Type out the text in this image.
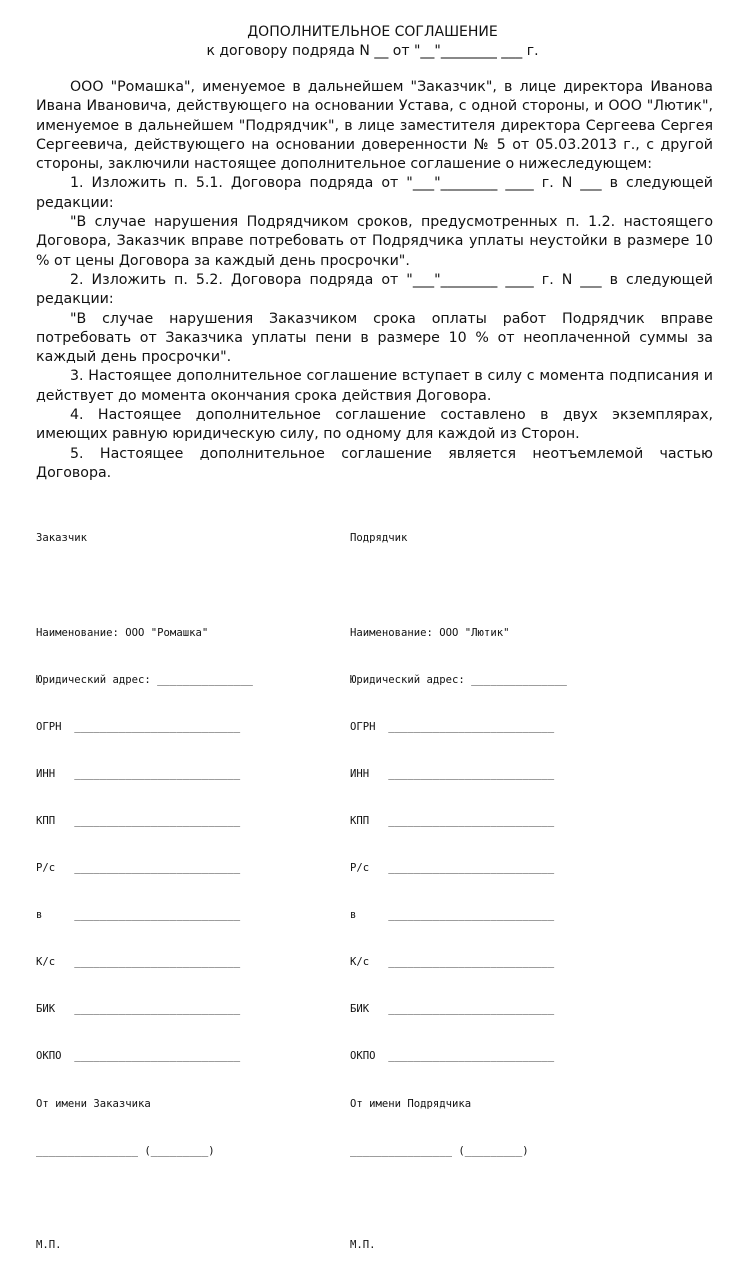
ДОПОЛНИТЕЛЬНОЕ СОГЛАШЕНИЕ
к договору подряда N __ от "__"________ ___ г.

ООО "Ромашка", именуемое в дальнейшем "Заказчик", в лице директора Иванова Ивана Ивановича, действующего на основании Устава, с одной стороны, и ООО "Лютик", именуемое в дальнейшем "Подрядчик", в лице заместителя директора Сергеева Сергея Сергеевича, действующего на основании доверенности № 5 от 05.03.2013 г., с другой стороны, заключили настоящее дополнительное соглашение о нижеследующем:

1. Изложить п. 5.1. Договора подряда от "___"________ ____ г. N ___ в следующей редакции:

"В случае нарушения Подрядчиком сроков, предусмотренных п. 1.2. настоящего Договора, Заказчик вправе потребовать от Подрядчика уплаты неустойки в размере 10 % от цены Договора за каждый день просрочки".

2. Изложить п. 5.2. Договора подряда от "___"________ ____ г. N ___ в следующей редакции:

"В случае нарушения Заказчиком срока оплаты работ Подрядчик вправе потребовать от Заказчика уплаты пени в размере 10 % от неоплаченной суммы за каждый день просрочки".

3. Настоящее дополнительное соглашение вступает в силу с момента подписания и действует до момента окончания срока действия Договора.

4. Настоящее дополнительное соглашение составлено в двух экземплярах, имеющих равную юридическую силу, по одному для каждой из Сторон.

5. Настоящее дополнительное соглашение является неотъемлемой частью Договора.

Заказчик

Наименование: ООО "Ромашка"

Юридический адрес: _______________

ОГРН  __________________________

ИНН   __________________________

КПП   __________________________

Р/с   __________________________

в     __________________________

К/с   __________________________

БИК   __________________________

ОКПО  __________________________

От имени Заказчика

________________ (_________)

М.П.

Подрядчик

Наименование: ООО "Лютик"

Юридический адрес: _______________

ОГРН  __________________________

ИНН   __________________________

КПП   __________________________

Р/с   __________________________

в     __________________________

К/с   __________________________

БИК   __________________________

ОКПО  __________________________

От имени Подрядчика

________________ (_________)

М.П.
